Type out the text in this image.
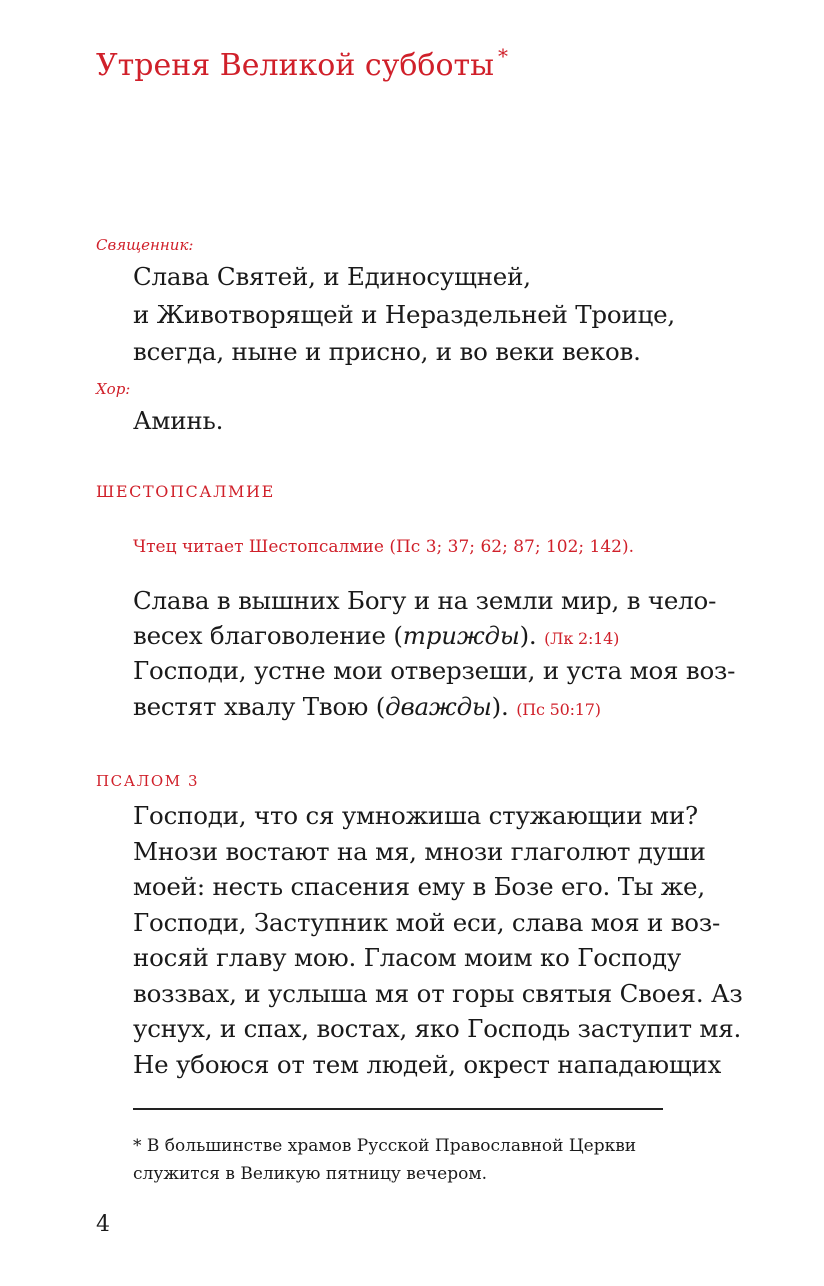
Утреня Великой субботы *
Священник:
Слава Святей, и Единосущней,
и Животворящей и Нераздельней Троице,
всегда, ныне и присно, и во веки веков.
Хор:
Аминь.
ШЕСТОПСАЛМИЕ
Чтец читает Шестопсалмие (Пс 3; 37; 62; 87; 102; 142).
Слава в вышних Богу и на земли мир, в чело-
веcех благоволение (трижды). (Лк 2:14)
Господи, устне мои отверзеши, и уста моя воз-
вестят хвалу Твою (дважды). (Пс 50:17)
ПСАЛОМ 3
Господи, что ся умножиша стужающии ми?
Мнози востают на мя, мнози глаголют души
моей: несть спасения ему в Бозе его. Ты же,
Господи, Заступник мой еси, слава моя и воз-
носяй главу мою. Гласом моим ко Господу
воззвах, и услыша мя от горы святыя Своея. Аз
уснух, и спах, востах, яко Господь заступит мя.
Не убоюся от тем людей, окрест нападающих
* В большинстве храмов Русской Православной Церкви
служится в Великую пятницу вечером.
4
